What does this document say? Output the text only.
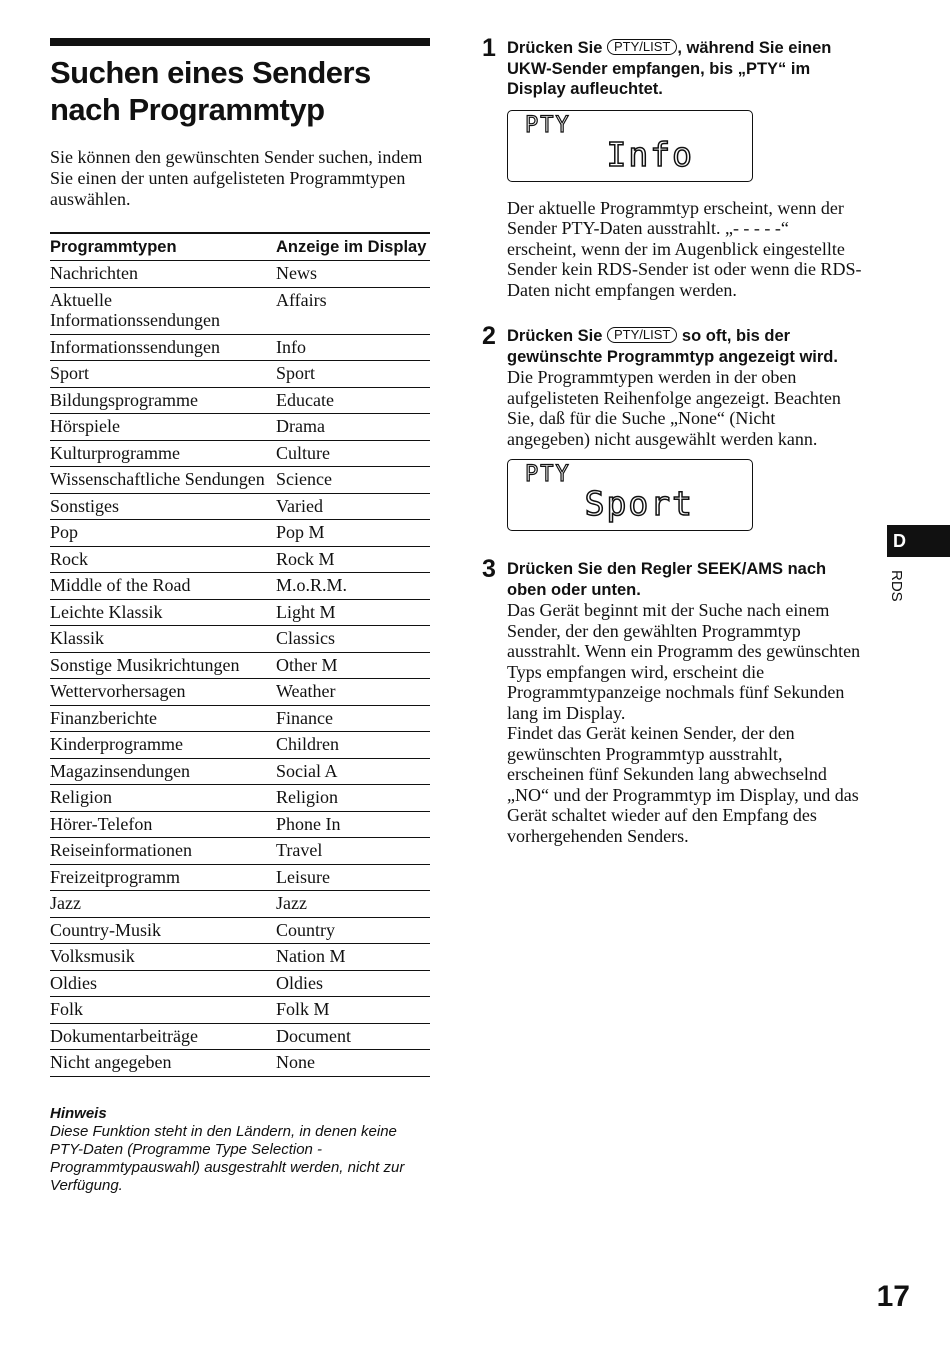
Suchen eines Senders nach Programmtyp
Sie können den gewünschten Sender suchen, indem Sie einen der unten aufgelisteten Programmtypen auswählen.
Programmtypen	Anzeige im Display
Nachrichten	News
Aktuelle Informationssendungen	Affairs
Informationssendungen	Info
Sport	Sport
Bildungsprogramme	Educate
Hörspiele	Drama
Kulturprogramme	Culture
Wissenschaftliche Sendungen	Science
Sonstiges	Varied
Pop	Pop M
Rock	Rock M
Middle of the Road	M.o.R.M.
Leichte Klassik	Light M
Klassik	Classics
Sonstige Musikrichtungen	Other M
Wettervorhersagen	Weather
Finanzberichte	Finance
Kinderprogramme	Children
Magazinsendungen	Social A
Religion	Religion
Hörer-Telefon	Phone In
Reiseinformationen	Travel
Freizeitprogramm	Leisure
Jazz	Jazz
Country-Musik	Country
Volksmusik	Nation M
Oldies	Oldies
Folk	Folk M
Dokumentarbeiträge	Document
Nicht angegeben	None
Hinweis
Diese Funktion steht in den Ländern, in denen keine PTY-Daten (Programme Type Selection - Programmtypauswahl) ausgestrahlt werden, nicht zur Verfügung.
1 Drücken Sie PTY/LIST , während Sie einen UKW-Sender empfangen, bis „PTY“ im Display aufleuchtet.
PTY
Info
Der aktuelle Programmtyp erscheint, wenn der Sender PTY-Daten ausstrahlt. „- - - - -“ erscheint, wenn der im Augenblick eingestellte Sender kein RDS-Sender ist oder wenn die RDS-Daten nicht empfangen werden.
2 Drücken Sie PTY/LIST so oft, bis der gewünschte Programmtyp angezeigt wird.
Die Programmtypen werden in der oben aufgelisteten Reihenfolge angezeigt. Beachten Sie, daß für die Suche „None“ (Nicht angegeben) nicht ausgewählt werden kann.
PTY
Sport
3 Drücken Sie den Regler SEEK/AMS nach oben oder unten.
Das Gerät beginnt mit der Suche nach einem Sender, der den gewählten Programmtyp ausstrahlt. Wenn ein Programm des gewünschten Typs empfangen wird, erscheint die Programmtypanzeige nochmals fünf Sekunden lang im Display.
Findet das Gerät keinen Sender, der den gewünschten Programmtyp ausstrahlt, erscheinen fünf Sekunden lang abwechselnd „NO“ und der Programmtyp im Display, und das Gerät schaltet wieder auf den Empfang des vorhergehenden Senders.
D
RDS
17
